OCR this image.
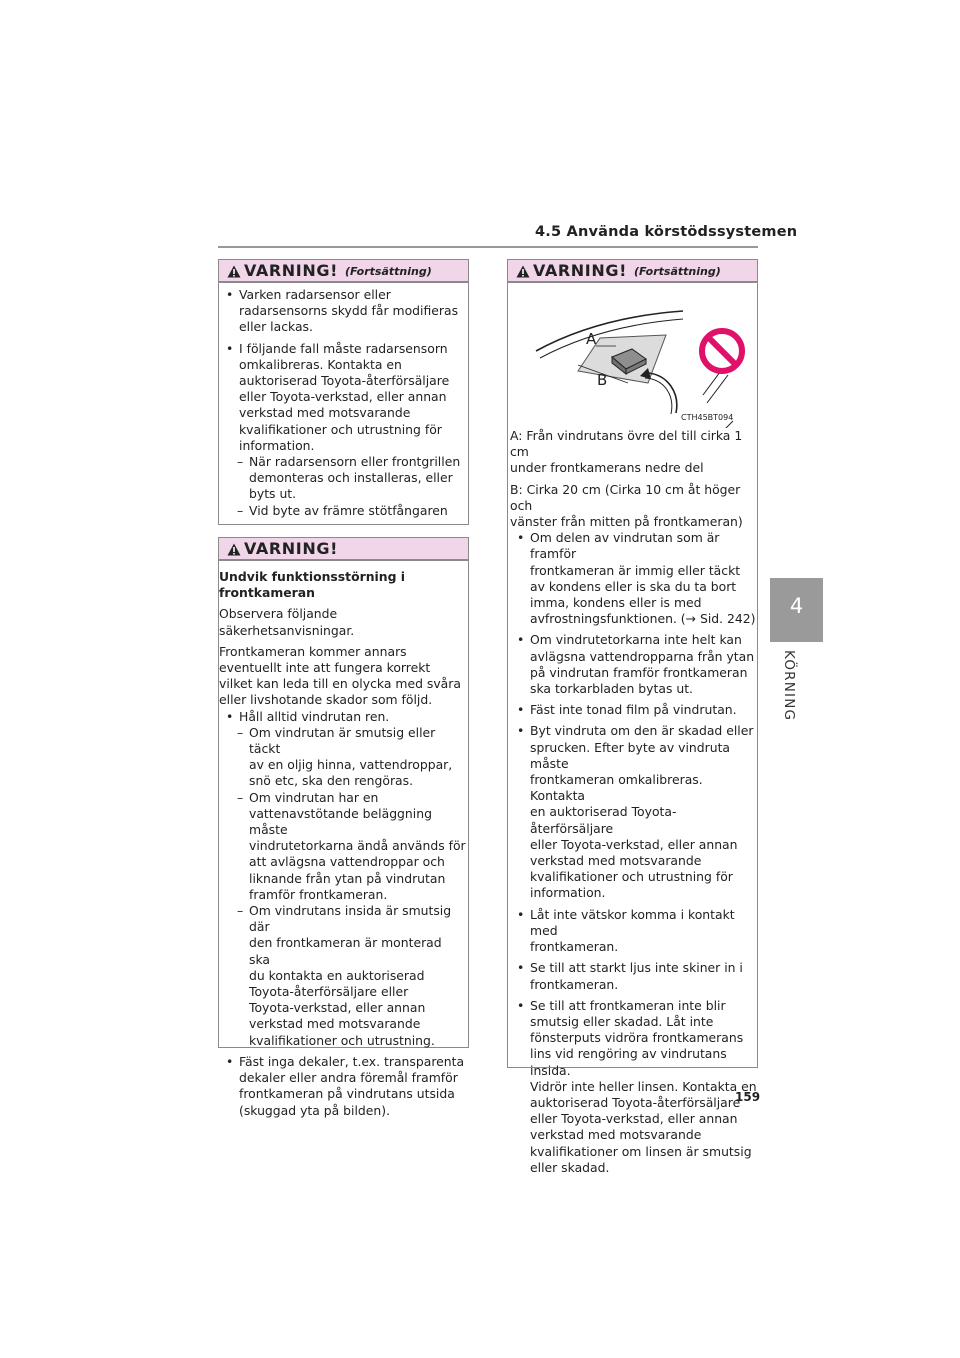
4.5 Använda körstödssystemen
4
KÖRNING
VARNING! (Fortsättning)
• Varken radarsensor eller
radarsensorns skydd får modifieras
eller lackas.
• I följande fall måste radarsensorn
omkalibreras. Kontakta en
auktoriserad Toyota-återförsäljare
eller Toyota-verkstad, eller annan
verkstad med motsvarande
kvalifikationer och utrustning för
information.
– När radarsensorn eller frontgrillen
demonteras och installeras, eller
byts ut.
– Vid byte av främre stötfångaren
VARNING!
Undvik funktionsstörning i
frontkameran
Observera följande
säkerhetsanvisningar.
Frontkameran kommer annars
eventuellt inte att fungera korrekt
vilket kan leda till en olycka med svåra
eller livshotande skador som följd.
• Håll alltid vindrutan ren.
– Om vindrutan är smutsig eller täckt
av en oljig hinna, vattendroppar,
snö etc, ska den rengöras.
– Om vindrutan har en
vattenavstötande beläggning måste
vindrutetorkarna ändå används för
att avlägsna vattendroppar och
liknande från ytan på vindrutan
framför frontkameran.
– Om vindrutans insida är smutsig där
den frontkameran är monterad ska
du kontakta en auktoriserad
Toyota-återförsäljare eller
Toyota-verkstad, eller annan
verkstad med motsvarande
kvalifikationer och utrustning.
• Fäst inga dekaler, t.ex. transparenta
dekaler eller andra föremål framför
frontkameran på vindrutans utsida
(skuggad yta på bilden).
VARNING! (Fortsättning)
A
B
CTH45BT094
A: Från vindrutans övre del till cirka 1 cm
under frontkamerans nedre del
B: Cirka 20 cm (Cirka 10 cm åt höger och
vänster från mitten på frontkameran)
• Om delen av vindrutan som är framför
frontkameran är immig eller täckt
av kondens eller is ska du ta bort
imma, kondens eller is med
avfrostningsfunktionen. (→ Sid. 242)
• Om vindrutetorkarna inte helt kan
avlägsna vattendropparna från ytan
på vindrutan framför frontkameran
ska torkarbladen bytas ut.
• Fäst inte tonad film på vindrutan.
• Byt vindruta om den är skadad eller
sprucken. Efter byte av vindruta måste
frontkameran omkalibreras. Kontakta
en auktoriserad Toyota-återförsäljare
eller Toyota-verkstad, eller annan
verkstad med motsvarande
kvalifikationer och utrustning för
information.
• Låt inte vätskor komma i kontakt med
frontkameran.
• Se till att starkt ljus inte skiner in i
frontkameran.
• Se till att frontkameran inte blir
smutsig eller skadad. Låt inte
fönsterputs vidröra frontkamerans
lins vid rengöring av vindrutans insida.
Vidrör inte heller linsen. Kontakta en
auktoriserad Toyota-återförsäljare
eller Toyota-verkstad, eller annan
verkstad med motsvarande
kvalifikationer om linsen är smutsig
eller skadad.
159
